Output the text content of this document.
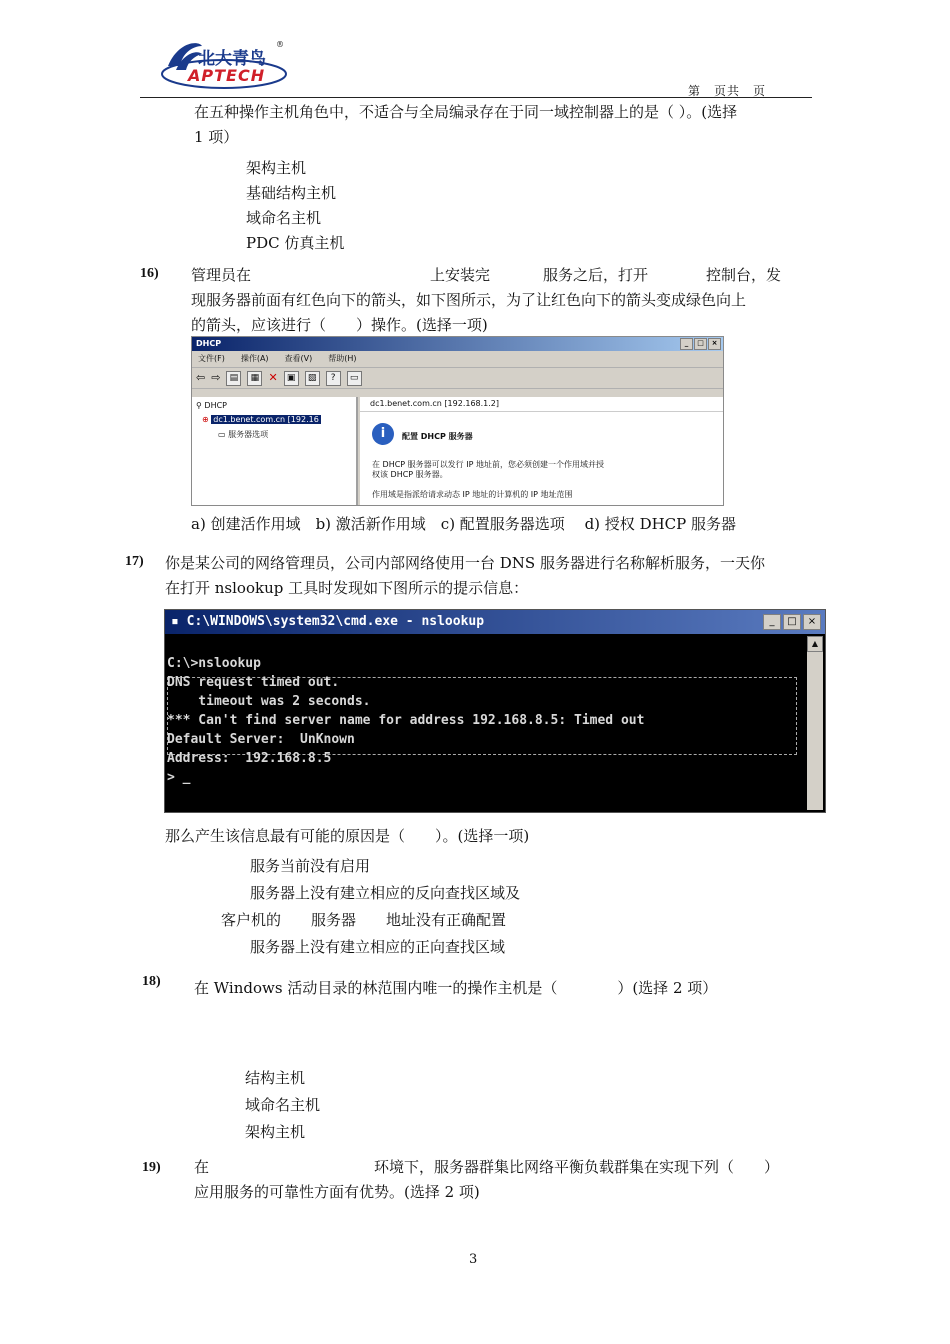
北大青鸟
®
APTECH
第　页共　页
在五种操作主机角色中，不适合与全局编录存在于同一域控制器上的是（ ）。(选择
1 项）
架构主机
基础结构主机
域命名主机
PDC 仿真主机
16) 管理员在	上安装完	服务之后，打开	控制台，发
现服务器前面有红色向下的箭头，如下图所示，为了让红色向下的箭头变成绿色向上
的箭头，应该进行（　　）操作。(选择一项)
DHCP	_	□	×
文件(F) 操作(A) 查看(V) 帮助(H)
⇦ ⇨	▤	▦ ✕	▣	▧	?	▭
⚲ DHCP
⊕ dc1.benet.com.cn [192.16
▭ 服务器选项
dc1.benet.com.cn [192.168.1.2]
i	配置 DHCP 服务器
在 DHCP 服务器可以发行 IP 地址前，您必须创建一个作用域并授
权该 DHCP 服务器。
作用域是指派给请求动态 IP 地址的计算机的 IP 地址范围
a) 创建活作用域　b) 激活新作用域　c) 配置服务器选项　 d) 授权 DHCP 服务器
17) 你是某公司的网络管理员，公司内部网络使用一台 DNS 服务器进行名称解析服务，一天你
在打开 nslookup 工具时发现如下图所示的提示信息：
▪ C:\WINDOWS\system32\cmd.exe - nslookup	_	□	×
▲
C:\>nslookup
DNS request timed out.
timeout was 2 seconds.
*** Can't find server name for address 192.168.8.5: Timed out
Default Server:  UnKnown
Address:  192.168.8.5
> _
那么产生该信息最有可能的原因是（　　）。(选择一项)
服务当前没有启用
服务器上没有建立相应的反向查找区域及
客户机的　　服务器　　地址没有正确配置
服务器上没有建立相应的正向查找区域
18) 在 Windows 活动目录的林范围内唯一的操作主机是（　　　　）(选择 2 项）
结构主机
域命名主机
架构主机
19) 在	环境下，服务器群集比网络平衡负载群集在实现下列（　　）
应用服务的可靠性方面有优势。(选择 2 项)
3
